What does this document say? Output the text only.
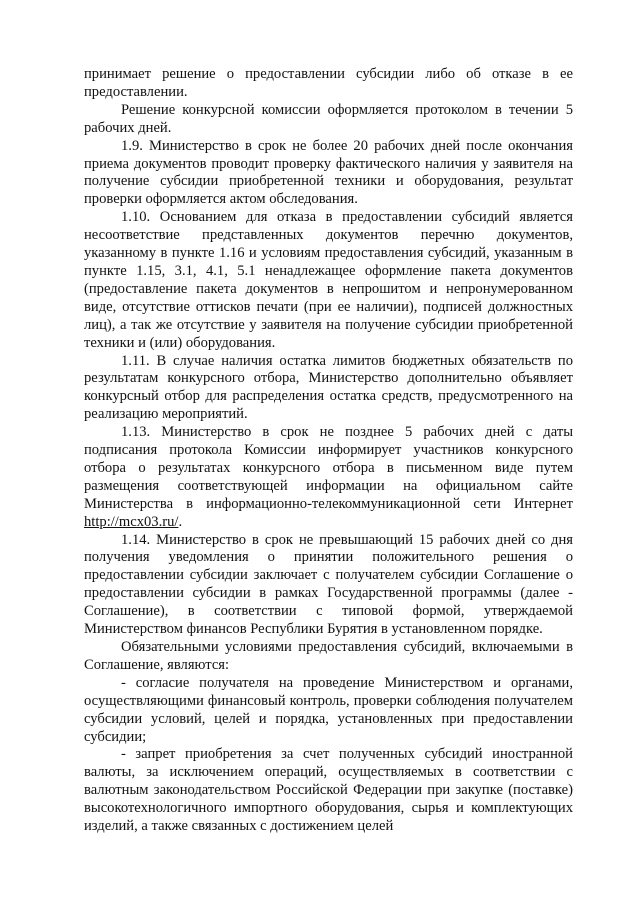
принимает решение о предоставлении субсидии либо об отказе в ее предоставлении.

Решение конкурсной комиссии оформляется протоколом в течении 5 рабочих дней.

1.9. Министерство в срок не более 20 рабочих дней после окончания приема документов проводит проверку фактического наличия у заявителя на получение субсидии приобретенной техники и оборудования, результат проверки оформляется актом обследования.

1.10. Основанием для отказа в предоставлении субсидий является несоответствие представленных документов перечню документов, указанному в пункте 1.16 и условиям предоставления субсидий, указанным в пункте 1.15, 3.1, 4.1, 5.1 ненадлежащее оформление пакета документов (предоставление пакета документов в непрошитом и непронумерованном виде, отсутствие оттисков печати (при ее наличии), подписей должностных лиц), а так же отсутствие у заявителя на получение субсидии приобретенной техники и (или) оборудования.

1.11. В случае наличия остатка лимитов бюджетных обязательств по результатам конкурсного отбора, Министерство дополнительно объявляет конкурсный отбор для распределения остатка средств, предусмотренного на реализацию мероприятий.

1.13. Министерство в срок не позднее 5 рабочих дней с даты подписания протокола Комиссии информирует участников конкурсного отбора о результатах конкурсного отбора в письменном виде путем размещения соответствующей информации на официальном сайте Министерства в информационно-телекоммуникационной сети Интернет http://mcx03.ru/.

1.14. Министерство в срок не превышающий 15 рабочих дней со дня получения уведомления о принятии положительного решения о предоставлении субсидии заключает с получателем субсидии Соглашение о предоставлении субсидии в рамках Государственной программы (далее - Соглашение), в соответствии с типовой формой, утверждаемой Министерством финансов Республики Бурятия в установленном порядке.

Обязательными условиями предоставления субсидий, включаемыми в Соглашение, являются:

- согласие получателя на проведение Министерством и органами, осуществляющими финансовый контроль, проверки соблюдения получателем субсидии условий, целей и порядка, установленных при предоставлении субсидии;

- запрет приобретения за счет полученных субсидий иностранной валюты, за исключением операций, осуществляемых в соответствии с валютным законодательством Российской Федерации при закупке (поставке) высокотехнологичного импортного оборудования, сырья и комплектующих изделий, а также связанных с достижением целей
